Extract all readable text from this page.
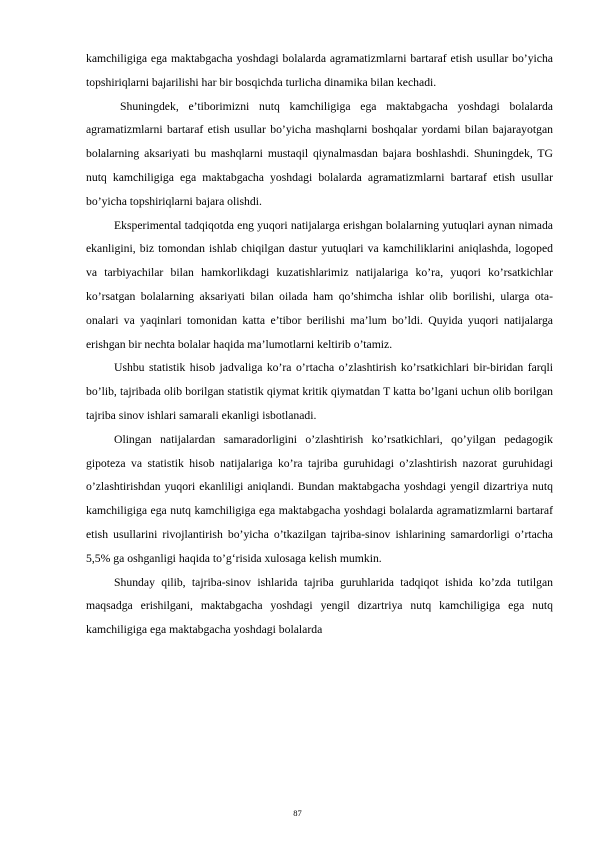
kamchiligiga ega maktabgacha yoshdagi bolalarda agramatizmlarni bartaraf etish usullar bo’yicha topshiriqlarni bajarilishi har bir bosqichda turlicha dinamika bilan kechadi.

Shuningdek, e’tiborimizni nutq kamchiligiga ega maktabgacha yoshdagi bolalarda agramatizmlarni bartaraf etish usullar bo’yicha mashqlarni boshqalar yordami bilan bajarayotgan bolalarning aksariyati bu mashqlarni mustaqil qiynalmasdan bajara boshlashdi. Shuningdek, TG nutq kamchiligiga ega maktabgacha yoshdagi bolalarda agramatizmlarni bartaraf etish usullar bo’yicha topshiriqlarni bajara olishdi.

Eksperimental tadqiqotda eng yuqori natijalarga erishgan bolalarning yutuqlari aynan nimada ekanligini, biz tomondan ishlab chiqilgan dastur yutuqlari va kamchiliklarini aniqlashda, logoped va tarbiyachilar bilan hamkorlikdagi kuzatishlarimiz natijalariga ko’ra, yuqori ko’rsatkichlar ko’rsatgan bolalarning aksariyati bilan oilada ham qo’shimcha ishlar olib borilishi, ularga ota- onalari va yaqinlari tomonidan katta e’tibor berilishi ma’lum bo’ldi. Quyida yuqori natijalarga erishgan bir nechta bolalar haqida ma’lumotlarni keltirib o’tamiz.

Ushbu statistik hisob jadvaliga ko’ra o’rtacha o’zlashtirish ko’rsatkichlari bir-biridan farqli bo’lib, tajribada olib borilgan statistik qiymat kritik qiymatdan T katta bo’lgani uchun olib borilgan tajriba sinov ishlari samarali ekanligi isbotlanadi.

Olingan natijalardan samaradorligini o’zlashtirish ko’rsatkichlari, qo’yilgan pedagogik gipoteza va statistik hisob natijalariga ko’ra tajriba guruhidagi o’zlashtirish nazorat guruhidagi o’zlashtirishdan yuqori ekanliligi aniqlandi. Bundan maktabgacha yoshdagi yengil dizartriya nutq kamchiligiga ega nutq kamchiligiga ega maktabgacha yoshdagi bolalarda agramatizmlarni bartaraf etish usullarini rivojlantirish bo’yicha o’tkazilgan tajriba-sinov ishlarining samardorligi o’rtacha 5,5% ga oshganligi haqida to’g‘risida xulosaga kelish mumkin.

Shunday qilib, tajriba-sinov ishlarida tajriba guruhlarida tadqiqot ishida ko’zda tutilgan maqsadga erishilgani, maktabgacha yoshdagi yengil dizartriya nutq kamchiligiga ega nutq kamchiligiga ega maktabgacha yoshdagi bolalarda

87
